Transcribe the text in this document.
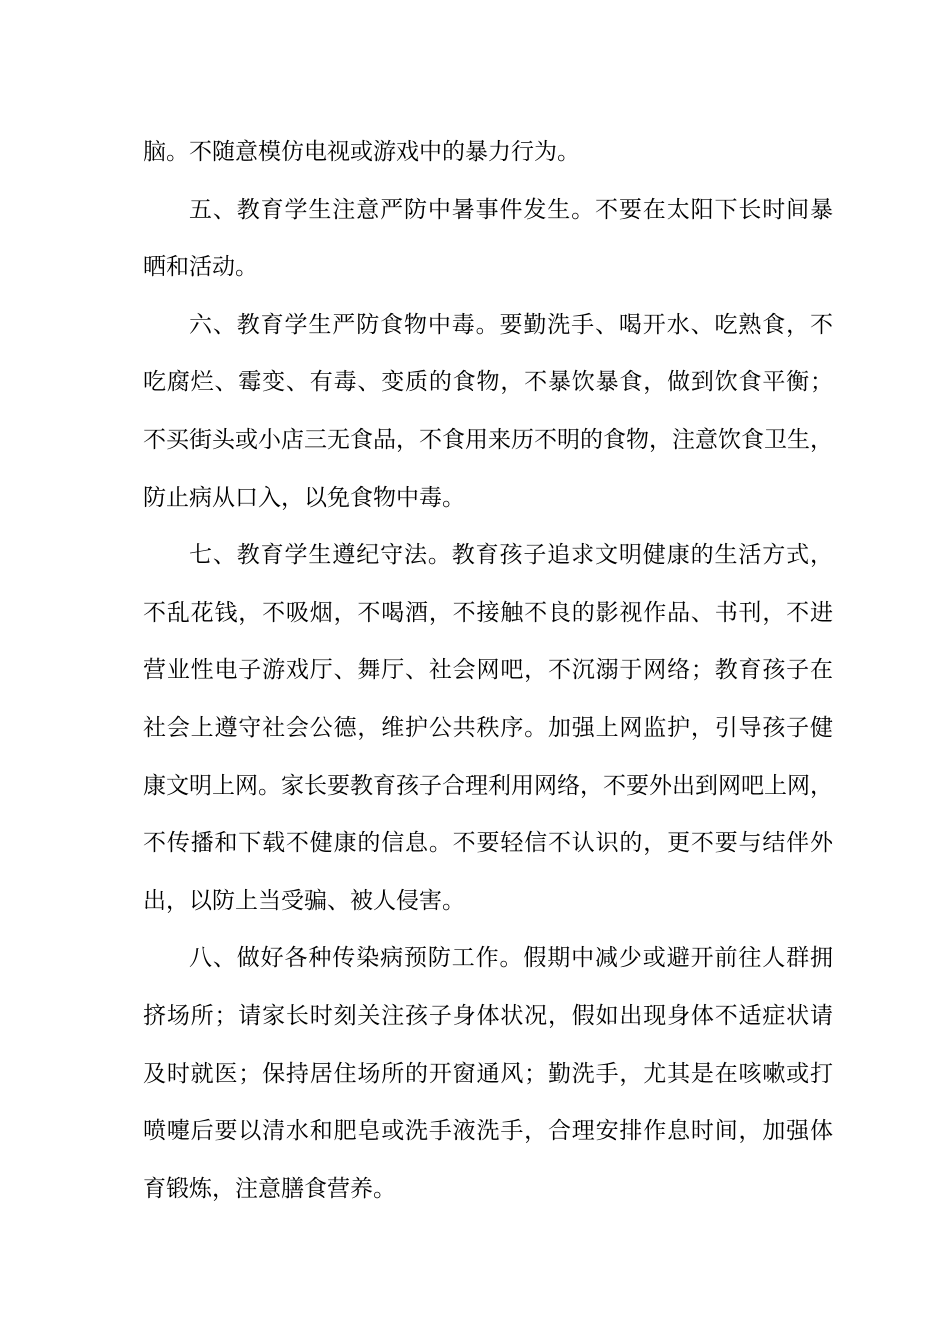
脑。不随意模仿电视或游戏中的暴力行为。
五、教育学生注意严防中暑事件发生。不要在太阳下长时间暴
晒和活动。
六、教育学生严防食物中毒。要勤洗手、喝开水、吃熟食，不
吃腐烂、霉变、有毒、变质的食物，不暴饮暴食，做到饮食平衡；
不买街头或小店三无食品，不食用来历不明的食物，注意饮食卫生，
防止病从口入，以免食物中毒。
七、教育学生遵纪守法。教育孩子追求文明健康的生活方式，
不乱花钱，不吸烟，不喝酒，不接触不良的影视作品、书刊，不进
营业性电子游戏厅、舞厅、社会网吧，不沉溺于网络；教育孩子在
社会上遵守社会公德，维护公共秩序。加强上网监护，引导孩子健
康文明上网。家长要教育孩子合理利用网络，不要外出到网吧上网，
不传播和下载不健康的信息。不要轻信不认识的，更不要与结伴外
出，以防上当受骗、被人侵害。
八、做好各种传染病预防工作。假期中减少或避开前往人群拥
挤场所；请家长时刻关注孩子身体状况，假如出现身体不适症状请
及时就医；保持居住场所的开窗通风；勤洗手，尤其是在咳嗽或打
喷嚏后要以清水和肥皂或洗手液洗手，合理安排作息时间，加强体
育锻炼，注意膳食营养。
